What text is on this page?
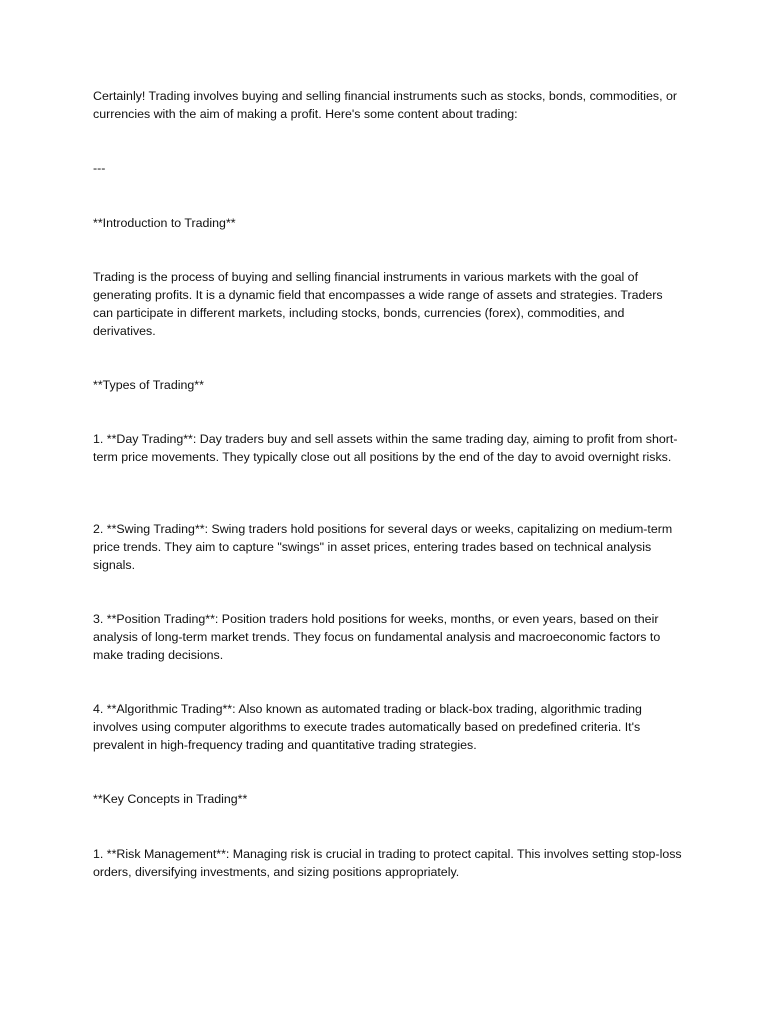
Certainly! Trading involves buying and selling financial instruments such as stocks, bonds, commodities, or currencies with the aim of making a profit. Here's some content about trading:

---

**Introduction to Trading**

Trading is the process of buying and selling financial instruments in various markets with the goal of generating profits. It is a dynamic field that encompasses a wide range of assets and strategies. Traders can participate in different markets, including stocks, bonds, currencies (forex), commodities, and derivatives.

**Types of Trading**

1. **Day Trading**: Day traders buy and sell assets within the same trading day, aiming to profit from short-term price movements. They typically close out all positions by the end of the day to avoid overnight risks.

2. **Swing Trading**: Swing traders hold positions for several days or weeks, capitalizing on medium-term price trends. They aim to capture "swings" in asset prices, entering trades based on technical analysis signals.

3. **Position Trading**: Position traders hold positions for weeks, months, or even years, based on their analysis of long-term market trends. They focus on fundamental analysis and macroeconomic factors to make trading decisions.

4. **Algorithmic Trading**: Also known as automated trading or black-box trading, algorithmic trading involves using computer algorithms to execute trades automatically based on predefined criteria. It's prevalent in high-frequency trading and quantitative trading strategies.

**Key Concepts in Trading**

1. **Risk Management**: Managing risk is crucial in trading to protect capital. This involves setting stop-loss orders, diversifying investments, and sizing positions appropriately.
